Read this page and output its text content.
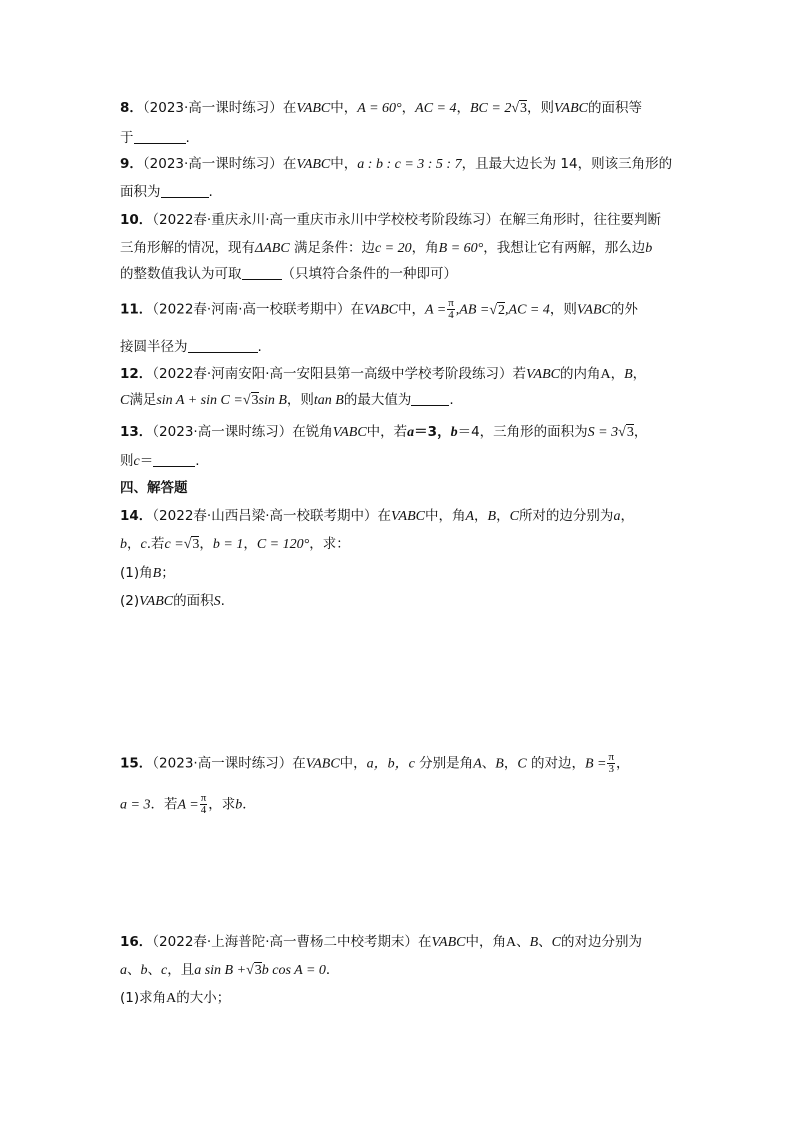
8．（2023·高一课时练习）在VABC中，A = 60°，AC = 4，BC = 2√3，则VABC的面积等
于	.
9．（2023·高一课时练习）在VABC中，a : b : c = 3 : 5 : 7，且最大边长为 14，则该三角形的
面积为	.
10．（2022春·重庆永川·高一重庆市永川中学校校考阶段练习）在解三角形时，往往要判断
三角形解的情况，现有ΔABC 满足条件：边c = 20，角B = 60°，我想让它有两解，那么边b
的整数值我认为可取	（只填符合条件的一种即可）
11．（2022春·河南·高一校联考期中）在VABC中，$A = \frac{\pi}{4} ,AB =√2,AC = 4$，则VABC的外
接圆半径为	.
12．（2022春·河南安阳·高一安阳县第一高级中学校考阶段练习）若VABC的内角A，B，
C满足sin A + sin C =√3sin B，则tan B的最大值为	.
13．（2023·高一课时练习）在锐角VABC中，若a＝3，b＝4，三角形的面积为S = 3√3，
则c＝	.
四、解答题
14．（2022春·山西吕梁·高一校联考期中）在VABC中，角A，B，C所对的边分别为a，
b，c.若c =√3，b = 1，C = 120°，求：
(1)角B；
(2)VABC的面积S.
15．（2023·高一课时练习）在VABC中，a，b，c 分别是角A、B，C 的对边，$B = \frac{\pi}{3}$ ，
a = 3．若$A = \frac{\pi}{4}$ ，求b．
16．（2022春·上海普陀·高一曹杨二中校考期末）在VABC中，角A、B、C的对边分别为
a、b、c，且a sin B +√3b cos A = 0．
(1)求角A的大小；
